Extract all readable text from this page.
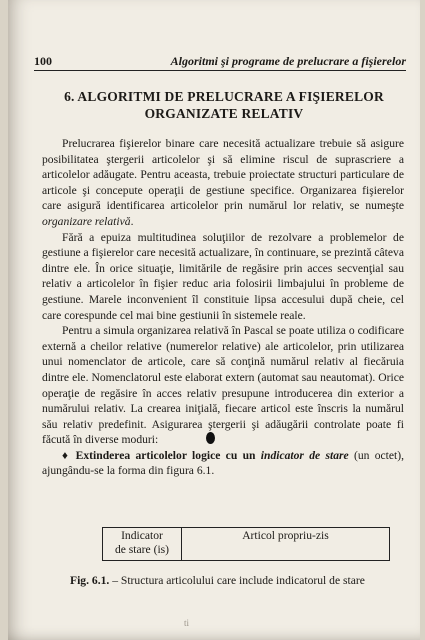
100	Algoritmi şi programe de prelucrare a fişierelor
6. ALGORITMI DE PRELUCRARE A FIŞIERELOR
ORGANIZATE RELATIV

Prelucrarea fişierelor binare care necesită actualizare trebuie să asigure posibilitatea ştergerii articolelor şi să elimine riscul de suprascriere a articolelor adăugate. Pentru aceasta, trebuie proiectate structuri particulare de articole şi concepute operaţii de gestiune specifice. Organizarea fişierelor care asigură identificarea articolelor prin numărul lor relativ, se numeşte organizare relativă.

Fără a epuiza multitudinea soluţiilor de rezolvare a problemelor de gestiune a fişierelor care necesită actualizare, în continuare, se prezintă câteva dintre ele. În orice situaţie, limitările de regăsire prin acces secvenţial sau relativ a articolelor în fişier reduc aria folosirii limbajului în probleme de gestiune. Marele inconvenient îl constituie lipsa accesului după cheie, cel care corespunde cel mai bine gestiunii în sistemele reale.

Pentru a simula organizarea relativă în Pascal se poate utiliza o codificare externă a cheilor relative (numerelor relative) ale articolelor, prin utilizarea unui nomenclator de articole, care să conţină numărul relativ al fiecăruia dintre ele. Nomenclatorul este elaborat extern (automat sau neautomat). Orice operaţie de regăsire în acces relativ presupune introducerea din exterior a numărului relativ. La crearea iniţială, fiecare articol este înscris la numărul său relativ predefinit. Asigurarea ştergerii şi adăugării controlate poate fi făcută în diverse moduri:

♦ Extinderea articolelor logice cu un indicator de stare (un octet), ajungându-se la forma din figura 6.1.

Indicator
de stare (is)
Articol propriu-zis
Fig. 6.1. – Structura articolului care include indicatorul de stare
ti
